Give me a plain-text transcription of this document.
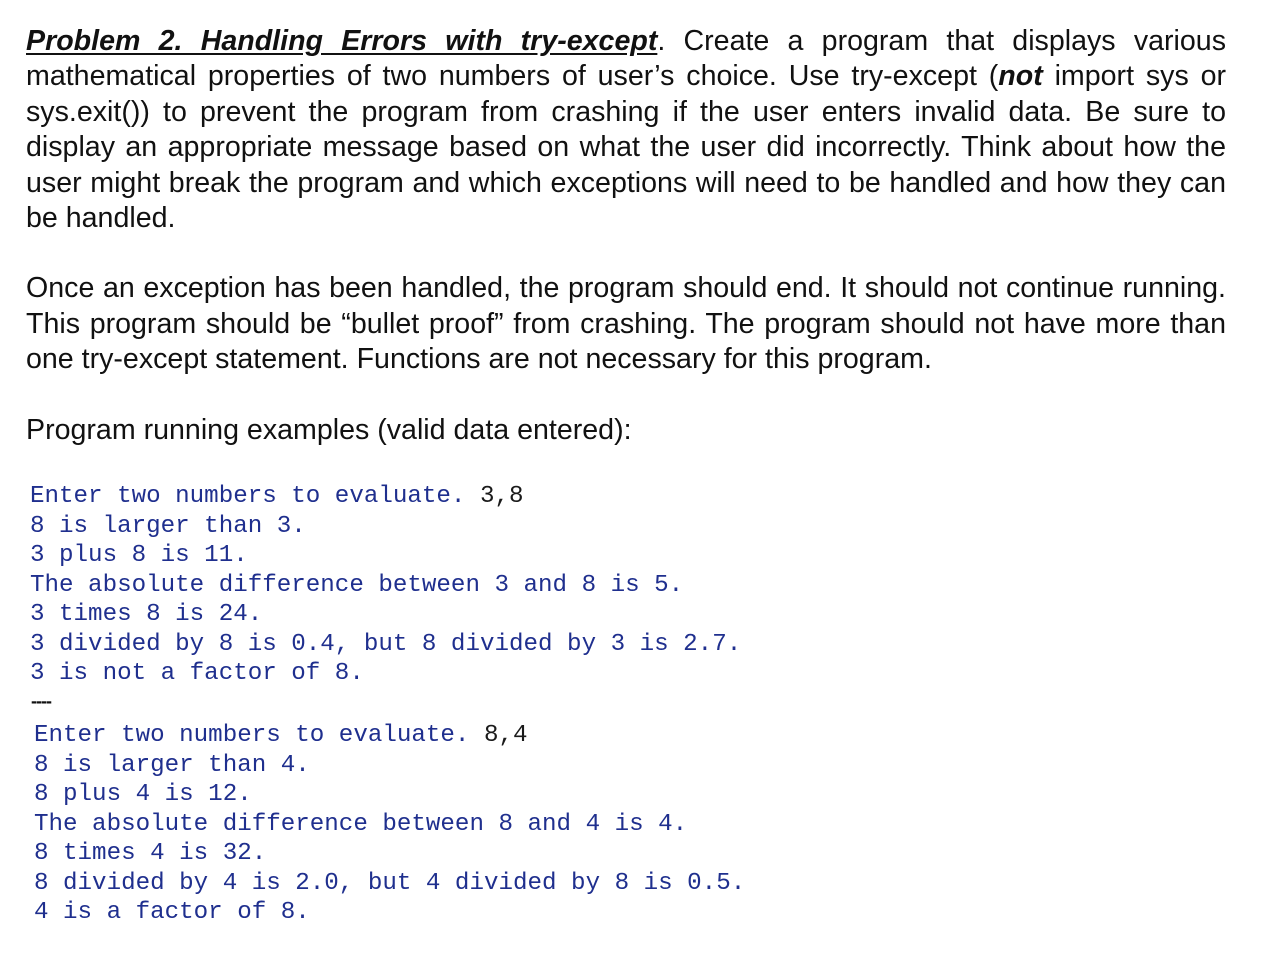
Problem 2. Handling Errors with try-except. Create a program that displays various mathematical properties of two numbers of user’s choice. Use try-except (not import sys or sys.exit()) to prevent the program from crashing if the user enters invalid data. Be sure to display an appropriate message based on what the user did incorrectly. Think about how the user might break the program and which exceptions will need to be handled and how they can be handled.

Once an exception has been handled, the program should end. It should not continue running. This program should be “bullet proof” from crashing. The program should not have more than one try-except statement. Functions are not necessary for this program.

Program running examples (valid data entered):

Enter two numbers to evaluate. 3,8
8 is larger than 3.
3 plus 8 is 11.
The absolute difference between 3 and 8 is 5.
3 times 8 is 24.
3 divided by 8 is 0.4, but 8 divided by 3 is 2.7.
3 is not a factor of 8.
----
Enter two numbers to evaluate. 8,4
8 is larger than 4.
8 plus 4 is 12.
The absolute difference between 8 and 4 is 4.
8 times 4 is 32.
8 divided by 4 is 2.0, but 4 divided by 8 is 0.5.
4 is a factor of 8.
